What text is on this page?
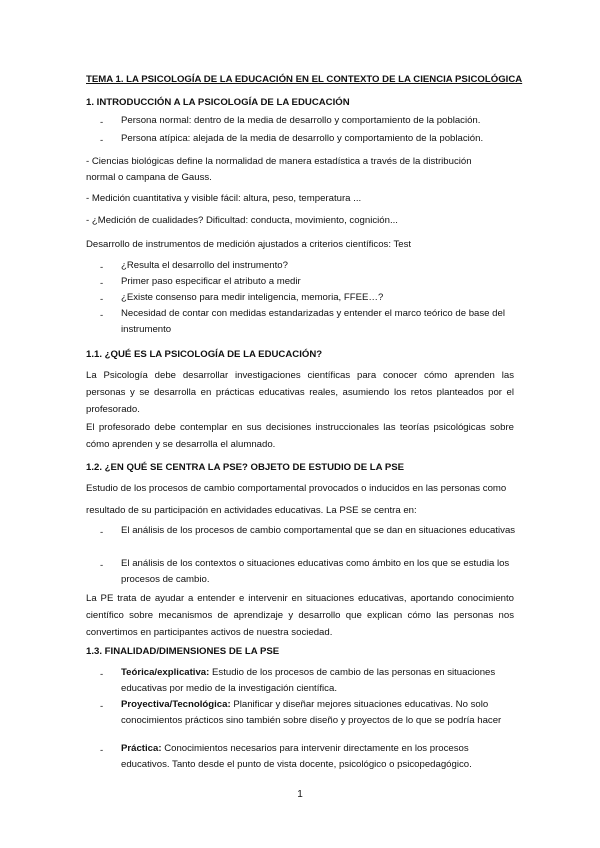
TEMA 1. LA PSICOLOGÍA DE LA EDUCACIÓN EN EL CONTEXTO DE LA CIENCIA PSICOLÓGICA
1. INTRODUCCIÓN A LA PSICOLOGÍA DE LA EDUCACIÓN
-	Persona normal: dentro de la media de desarrollo y comportamiento de la población.
-	Persona atípica: alejada de la media de desarrollo y comportamiento de la población.
- Ciencias biológicas define la normalidad de manera estadística a través de la distribución
normal o campana de Gauss.
- Medición cuantitativa y visible fácil: altura, peso, temperatura ...
- ¿Medición de cualidades? Dificultad: conducta, movimiento, cognición...
Desarrollo de instrumentos de medición ajustados a criterios científicos: Test
-	¿Resulta el desarrollo del instrumento?
-	Primer paso especificar el atributo a medir
-	¿Existe consenso para medir inteligencia, memoria, FFEE…?
-	Necesidad de contar con medidas estandarizadas y entender el marco teórico de base del instrumento
1.1. ¿QUÉ ES LA PSICOLOGÍA DE LA EDUCACIÓN?
La Psicología debe desarrollar investigaciones científicas para conocer cómo aprenden las personas y se desarrolla en prácticas educativas reales, asumiendo los retos planteados por el profesorado.
El profesorado debe contemplar en sus decisiones instruccionales las teorías psicológicas sobre cómo aprenden y se desarrolla el alumnado.
1.2. ¿EN QUÉ SE CENTRA LA PSE? OBJETO DE ESTUDIO DE LA PSE
Estudio de los procesos de cambio comportamental provocados o inducidos en las personas como
resultado de su participación en actividades educativas. La PSE se centra en:
-	El análisis de los procesos de cambio comportamental que se dan en situaciones educativas
-	El análisis de los contextos o situaciones educativas como ámbito en los que se estudia los procesos de cambio.
La PE trata de ayudar a entender e intervenir en situaciones educativas, aportando conocimiento científico sobre mecanismos de aprendizaje y desarrollo que explican cómo las personas nos convertimos en participantes activos de nuestra sociedad.
1.3. FINALIDAD/DIMENSIONES DE LA PSE
-	Teórica/explicativa: Estudio de los procesos de cambio de las personas en situaciones educativas por medio de la investigación científica.
-	Proyectiva/Tecnológica: Planificar y diseñar mejores situaciones educativas. No solo conocimientos prácticos sino también sobre diseño y proyectos de lo que se podría hacer
-	Práctica: Conocimientos necesarios para intervenir directamente en los procesos educativos. Tanto desde el punto de vista docente, psicológico o psicopedagógico.
1
